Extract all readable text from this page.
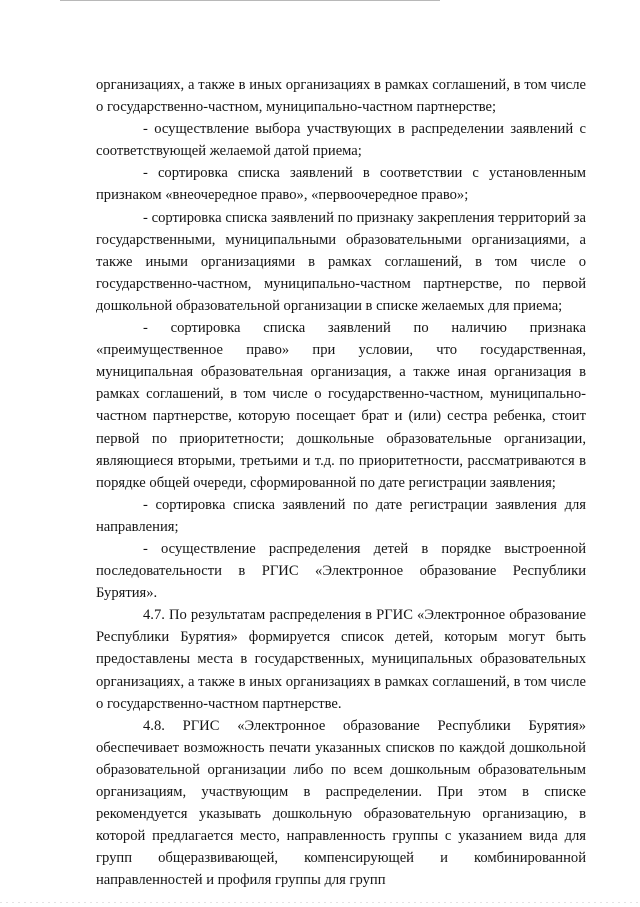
организациях, а также в иных организациях в рамках соглашений, в том числе о государственно-частном, муниципально-частном партнерстве;

- осуществление выбора участвующих в распределении заявлений с соответствующей желаемой датой приема;

- сортировка списка заявлений в соответствии с установленным признаком «внеочередное право», «первоочередное право»;

- сортировка списка заявлений по признаку закрепления территорий за государственными, муниципальными образовательными организациями, а также иными организациями в рамках соглашений, в том числе о государственно-частном, муниципально-частном партнерстве, по первой дошкольной образовательной организации в списке желаемых для приема;

- сортировка списка заявлений по наличию признака «преимущественное право» при условии, что государственная, муниципальная образовательная организация, а также иная организация в рамках соглашений, в том числе о государственно-частном, муниципально-частном партнерстве, которую посещает брат и (или) сестра ребенка, стоит первой по приоритетности; дошкольные образовательные организации, являющиеся вторыми, третьими и т.д. по приоритетности, рассматриваются в порядке общей очереди, сформированной по дате регистрации заявления;

- сортировка списка заявлений по дате регистрации заявления для направления;

- осуществление распределения детей в порядке выстроенной последовательности в РГИС «Электронное образование Республики Бурятия».

4.7. По результатам распределения в РГИС «Электронное образование Республики Бурятия» формируется список детей, которым могут быть предоставлены места в государственных, муниципальных образовательных организациях, а также в иных организациях в рамках соглашений, в том числе о государственно-частном партнерстве.

4.8. РГИС «Электронное образование Республики Бурятия» обеспечивает возможность печати указанных списков по каждой дошкольной образовательной организации либо по всем дошкольным образовательным организациям, участвующим в распределении. При этом в списке рекомендуется указывать дошкольную образовательную организацию, в которой предлагается место, направленность группы с указанием вида для групп общеразвивающей, компенсирующей и комбинированной направленностей и профиля группы для групп
